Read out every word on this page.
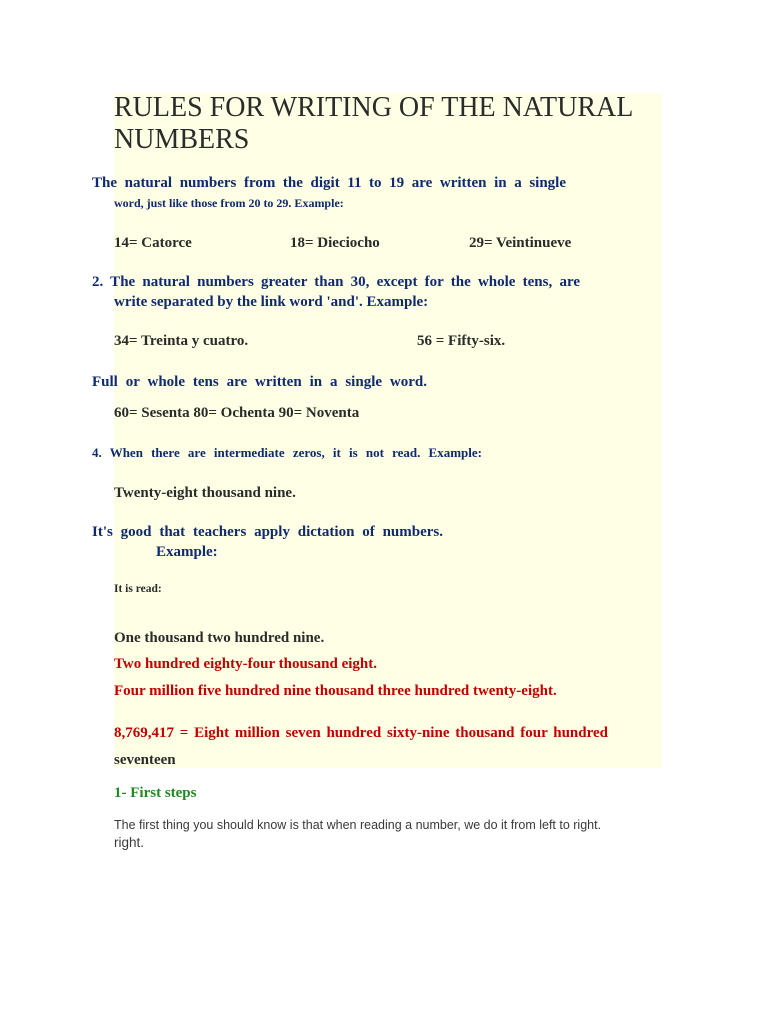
RULES FOR WRITING OF THE NATURAL NUMBERS
The natural numbers from the digit 11 to 19 are written in a single
word, just like those from 20 to 29. Example:
14= Catorce	18= Dieciocho	29= Veintinueve
2. The natural numbers greater than 30, except for the whole tens, are
write separated by the link word 'and'. Example:
34= Treinta y cuatro.	56 = Fifty-six.
Full or whole tens are written in a single word.
60= Sesenta 80= Ochenta 90= Noventa
4. When there are intermediate zeros, it is not read. Example:
Twenty-eight thousand nine.
It's good that teachers apply dictation of numbers.
Example:
It is read:
One thousand two hundred nine.
Two hundred eighty-four thousand eight.
Four million five hundred nine thousand three hundred twenty-eight.
8,769,417 = Eight million seven hundred sixty-nine thousand four hundred
seventeen
1- First steps
The first thing you should know is that when reading a number, we do it from left to right.
right.
